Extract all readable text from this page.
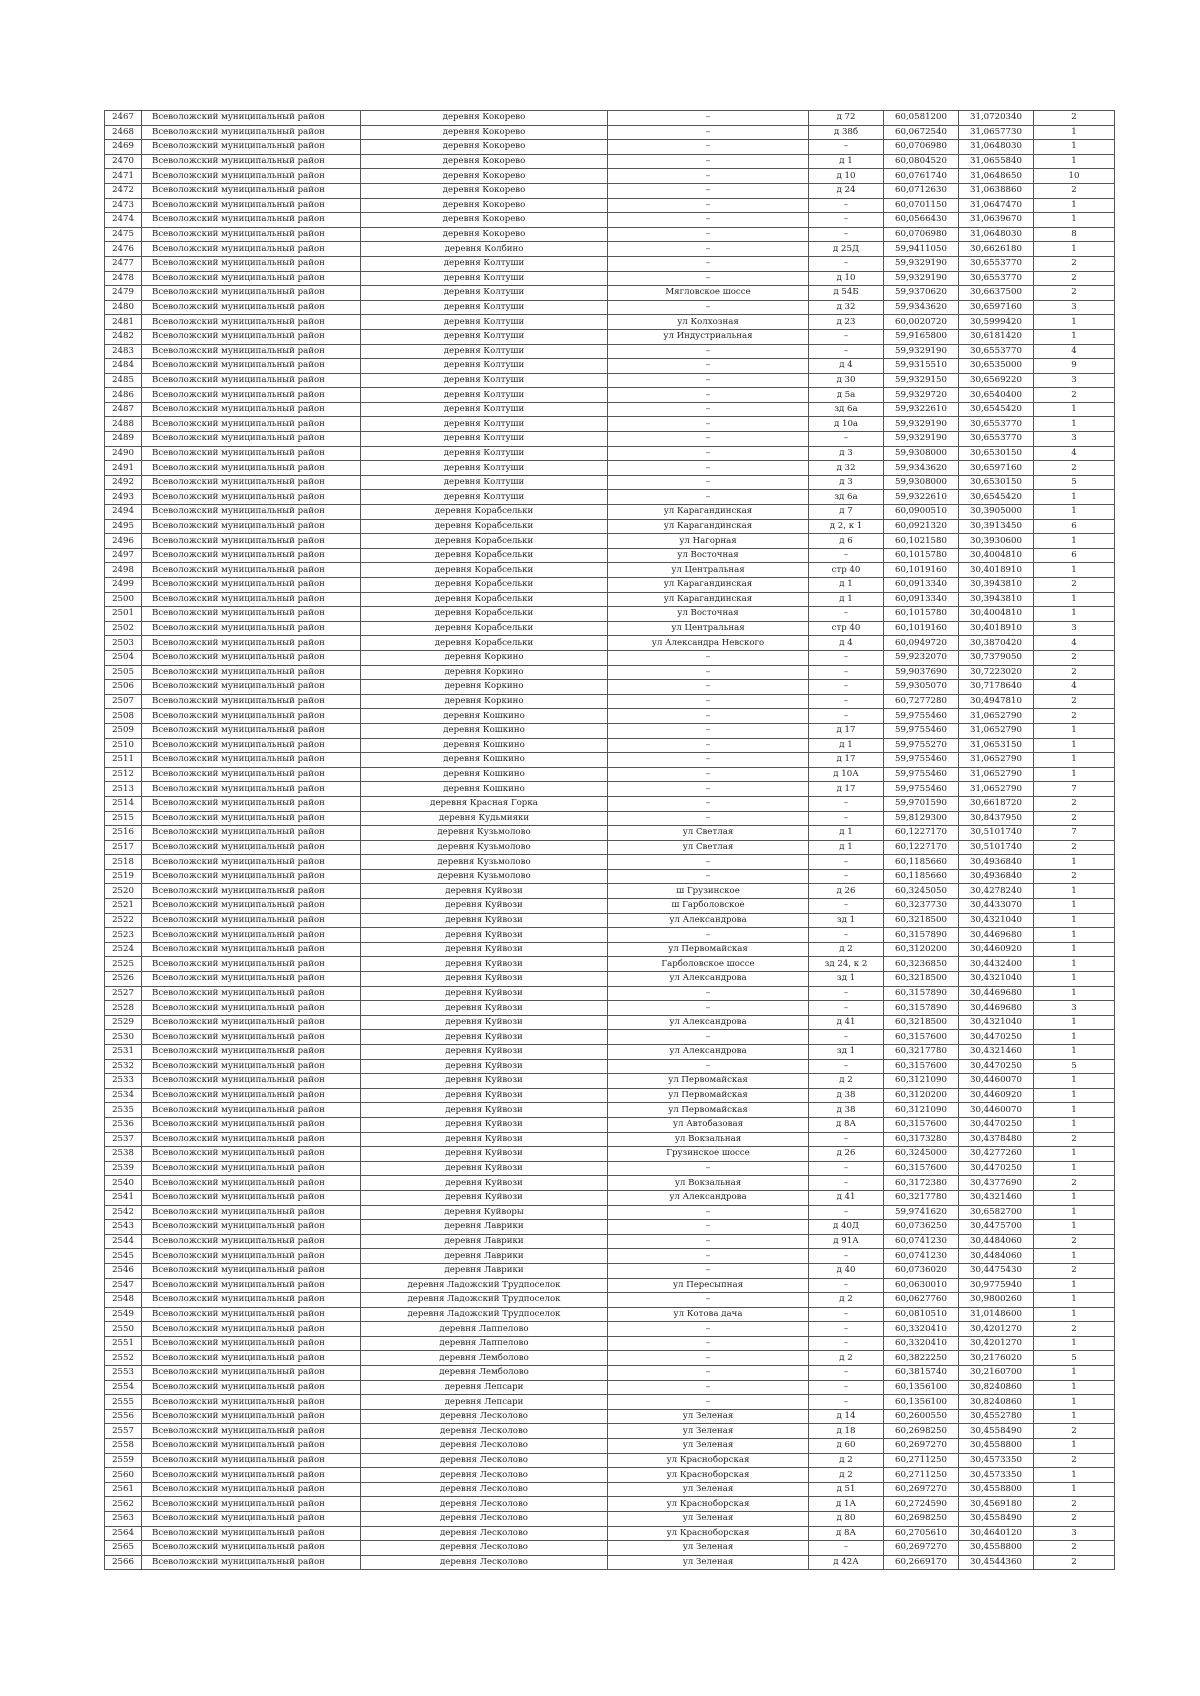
2467	Всеволожский муниципальный район	деревня Кокорево	–	д 72	60,0581200	31,0720340	2
2468	Всеволожский муниципальный район	деревня Кокорево	–	д 38б	60,0672540	31,0657730	1
2469	Всеволожский муниципальный район	деревня Кокорево	–	–	60,0706980	31,0648030	1
2470	Всеволожский муниципальный район	деревня Кокорево	–	д 1	60,0804520	31,0655840	1
2471	Всеволожский муниципальный район	деревня Кокорево	–	д 10	60,0761740	31,0648650	10
2472	Всеволожский муниципальный район	деревня Кокорево	–	д 24	60,0712630	31,0638860	2
2473	Всеволожский муниципальный район	деревня Кокорево	–	–	60,0701150	31,0647470	1
2474	Всеволожский муниципальный район	деревня Кокорево	–	–	60,0566430	31,0639670	1
2475	Всеволожский муниципальный район	деревня Кокорево	–	–	60,0706980	31,0648030	8
2476	Всеволожский муниципальный район	деревня Колбино	–	д 25Д	59,9411050	30,6626180	1
2477	Всеволожский муниципальный район	деревня Колтуши	–	–	59,9329190	30,6553770	2
2478	Всеволожский муниципальный район	деревня Колтуши	–	д 10	59,9329190	30,6553770	2
2479	Всеволожский муниципальный район	деревня Колтуши	Мягловское шоссе	д 54Б	59,9370620	30,6637500	2
2480	Всеволожский муниципальный район	деревня Колтуши	–	д 32	59,9343620	30,6597160	3
2481	Всеволожский муниципальный район	деревня Колтуши	ул Колхозная	д 23	60,0020720	30,5999420	1
2482	Всеволожский муниципальный район	деревня Колтуши	ул Индустриальная	–	59,9165800	30,6181420	1
2483	Всеволожский муниципальный район	деревня Колтуши	–	–	59,9329190	30,6553770	4
2484	Всеволожский муниципальный район	деревня Колтуши	–	д 4	59,9315510	30,6535000	9
2485	Всеволожский муниципальный район	деревня Колтуши	–	д 30	59,9329150	30,6569220	3
2486	Всеволожский муниципальный район	деревня Колтуши	–	д 5а	59,9329720	30,6540400	2
2487	Всеволожский муниципальный район	деревня Колтуши	–	зд 6а	59,9322610	30,6545420	1
2488	Всеволожский муниципальный район	деревня Колтуши	–	д 10а	59,9329190	30,6553770	1
2489	Всеволожский муниципальный район	деревня Колтуши	–	–	59,9329190	30,6553770	3
2490	Всеволожский муниципальный район	деревня Колтуши	–	д 3	59,9308000	30,6530150	4
2491	Всеволожский муниципальный район	деревня Колтуши	–	д 32	59,9343620	30,6597160	2
2492	Всеволожский муниципальный район	деревня Колтуши	–	д 3	59,9308000	30,6530150	5
2493	Всеволожский муниципальный район	деревня Колтуши	–	зд 6а	59,9322610	30,6545420	1
2494	Всеволожский муниципальный район	деревня Корабсельки	ул Карагандинская	д 7	60,0900510	30,3905000	1
2495	Всеволожский муниципальный район	деревня Корабсельки	ул Карагандинская	д 2, к 1	60,0921320	30,3913450	6
2496	Всеволожский муниципальный район	деревня Корабсельки	ул Нагорная	д 6	60,1021580	30,3930600	1
2497	Всеволожский муниципальный район	деревня Корабсельки	ул Восточная	–	60,1015780	30,4004810	6
2498	Всеволожский муниципальный район	деревня Корабсельки	ул Центральная	стр 40	60,1019160	30,4018910	1
2499	Всеволожский муниципальный район	деревня Корабсельки	ул Карагандинская	д 1	60,0913340	30,3943810	2
2500	Всеволожский муниципальный район	деревня Корабсельки	ул Карагандинская	д 1	60,0913340	30,3943810	1
2501	Всеволожский муниципальный район	деревня Корабсельки	ул Восточная	–	60,1015780	30,4004810	1
2502	Всеволожский муниципальный район	деревня Корабсельки	ул Центральная	стр 40	60,1019160	30,4018910	3
2503	Всеволожский муниципальный район	деревня Корабсельки	ул Александра Невского	д 4	60,0949720	30,3870420	4
2504	Всеволожский муниципальный район	деревня Коркино	–	–	59,9232070	30,7379050	2
2505	Всеволожский муниципальный район	деревня Коркино	–	–	59,9037690	30,7223020	2
2506	Всеволожский муниципальный район	деревня Коркино	–	–	59,9305070	30,7178640	4
2507	Всеволожский муниципальный район	деревня Коркино	–	–	60,7277280	30,4947810	2
2508	Всеволожский муниципальный район	деревня Кошкино	–	–	59,9755460	31,0652790	2
2509	Всеволожский муниципальный район	деревня Кошкино	–	д 17	59,9755460	31,0652790	1
2510	Всеволожский муниципальный район	деревня Кошкино	–	д 1	59,9755270	31,0653150	1
2511	Всеволожский муниципальный район	деревня Кошкино	–	д 17	59,9755460	31,0652790	1
2512	Всеволожский муниципальный район	деревня Кошкино	–	д 10А	59,9755460	31,0652790	1
2513	Всеволожский муниципальный район	деревня Кошкино	–	д 17	59,9755460	31,0652790	7
2514	Всеволожский муниципальный район	деревня Красная Горка	–	–	59,9701590	30,6618720	2
2515	Всеволожский муниципальный район	деревня Кудьмияки	–	–	59,8129300	30,8437950	2
2516	Всеволожский муниципальный район	деревня Кузьмолово	ул Светлая	д 1	60,1227170	30,5101740	7
2517	Всеволожский муниципальный район	деревня Кузьмолово	ул Светлая	д 1	60,1227170	30,5101740	2
2518	Всеволожский муниципальный район	деревня Кузьмолово	–	–	60,1185660	30,4936840	1
2519	Всеволожский муниципальный район	деревня Кузьмолово	–	–	60,1185660	30,4936840	2
2520	Всеволожский муниципальный район	деревня Куйвози	ш Грузинское	д 26	60,3245050	30,4278240	1
2521	Всеволожский муниципальный район	деревня Куйвози	ш Гарболовское	–	60,3237730	30,4433070	1
2522	Всеволожский муниципальный район	деревня Куйвози	ул Александрова	зд 1	60,3218500	30,4321040	1
2523	Всеволожский муниципальный район	деревня Куйвози	–	–	60,3157890	30,4469680	1
2524	Всеволожский муниципальный район	деревня Куйвози	ул Первомайская	д 2	60,3120200	30,4460920	1
2525	Всеволожский муниципальный район	деревня Куйвози	Гарболовское шоссе	зд 24, к 2	60,3236850	30,4432400	1
2526	Всеволожский муниципальный район	деревня Куйвози	ул Александрова	зд 1	60,3218500	30,4321040	1
2527	Всеволожский муниципальный район	деревня Куйвози	–	–	60,3157890	30,4469680	1
2528	Всеволожский муниципальный район	деревня Куйвози	–	–	60,3157890	30,4469680	3
2529	Всеволожский муниципальный район	деревня Куйвози	ул Александрова	д 41	60,3218500	30,4321040	1
2530	Всеволожский муниципальный район	деревня Куйвози	–	–	60,3157600	30,4470250	1
2531	Всеволожский муниципальный район	деревня Куйвози	ул Александрова	зд 1	60,3217780	30,4321460	1
2532	Всеволожский муниципальный район	деревня Куйвози	–	–	60,3157600	30,4470250	5
2533	Всеволожский муниципальный район	деревня Куйвози	ул Первомайская	д 2	60,3121090	30,4460070	1
2534	Всеволожский муниципальный район	деревня Куйвози	ул Первомайская	д 38	60,3120200	30,4460920	1
2535	Всеволожский муниципальный район	деревня Куйвози	ул Первомайская	д 38	60,3121090	30,4460070	1
2536	Всеволожский муниципальный район	деревня Куйвози	ул Автобазовая	д 8А	60,3157600	30,4470250	1
2537	Всеволожский муниципальный район	деревня Куйвози	ул Вокзальная	–	60,3173280	30,4378480	2
2538	Всеволожский муниципальный район	деревня Куйвози	Грузинское шоссе	д 26	60,3245000	30,4277260	1
2539	Всеволожский муниципальный район	деревня Куйвози	–	–	60,3157600	30,4470250	1
2540	Всеволожский муниципальный район	деревня Куйвози	ул Вокзальная	–	60,3172380	30,4377690	2
2541	Всеволожский муниципальный район	деревня Куйвози	ул Александрова	д 41	60,3217780	30,4321460	1
2542	Всеволожский муниципальный район	деревня Куйворы	–	–	59,9741620	30,6582700	1
2543	Всеволожский муниципальный район	деревня Лаврики	–	д 40Д	60,0736250	30,4475700	1
2544	Всеволожский муниципальный район	деревня Лаврики	–	д 91А	60,0741230	30,4484060	2
2545	Всеволожский муниципальный район	деревня Лаврики	–	–	60,0741230	30,4484060	1
2546	Всеволожский муниципальный район	деревня Лаврики	–	д 40	60,0736020	30,4475430	2
2547	Всеволожский муниципальный район	деревня Ладожский Трудпоселок	ул Пересыпная	–	60,0630010	30,9775940	1
2548	Всеволожский муниципальный район	деревня Ладожский Трудпоселок	–	д 2	60,0627760	30,9800260	1
2549	Всеволожский муниципальный район	деревня Ладожский Трудпоселок	ул Котова дача	–	60,0810510	31,0148600	1
2550	Всеволожский муниципальный район	деревня Лаппелово	–	–	60,3320410	30,4201270	2
2551	Всеволожский муниципальный район	деревня Лаппелово	–	–	60,3320410	30,4201270	1
2552	Всеволожский муниципальный район	деревня Лемболово	–	д 2	60,3822250	30,2176020	5
2553	Всеволожский муниципальный район	деревня Лемболово	–	–	60,3815740	30,2160700	1
2554	Всеволожский муниципальный район	деревня Лепсари	–	–	60,1356100	30,8240860	1
2555	Всеволожский муниципальный район	деревня Лепсари	–	–	60,1356100	30,8240860	1
2556	Всеволожский муниципальный район	деревня Лесколово	ул Зеленая	д 14	60,2600550	30,4552780	1
2557	Всеволожский муниципальный район	деревня Лесколово	ул Зеленая	д 18	60,2698250	30,4558490	2
2558	Всеволожский муниципальный район	деревня Лесколово	ул Зеленая	д 60	60,2697270	30,4558800	1
2559	Всеволожский муниципальный район	деревня Лесколово	ул Красноборская	д 2	60,2711250	30,4573350	2
2560	Всеволожский муниципальный район	деревня Лесколово	ул Красноборская	д 2	60,2711250	30,4573350	1
2561	Всеволожский муниципальный район	деревня Лесколово	ул Зеленая	д 51	60,2697270	30,4558800	1
2562	Всеволожский муниципальный район	деревня Лесколово	ул Красноборская	д 1А	60,2724590	30,4569180	2
2563	Всеволожский муниципальный район	деревня Лесколово	ул Зеленая	д 80	60,2698250	30,4558490	2
2564	Всеволожский муниципальный район	деревня Лесколово	ул Красноборская	д 8А	60,2705610	30,4640120	3
2565	Всеволожский муниципальный район	деревня Лесколово	ул Зеленая	–	60,2697270	30,4558800	2
2566	Всеволожский муниципальный район	деревня Лесколово	ул Зеленая	д 42А	60,2669170	30,4544360	2
